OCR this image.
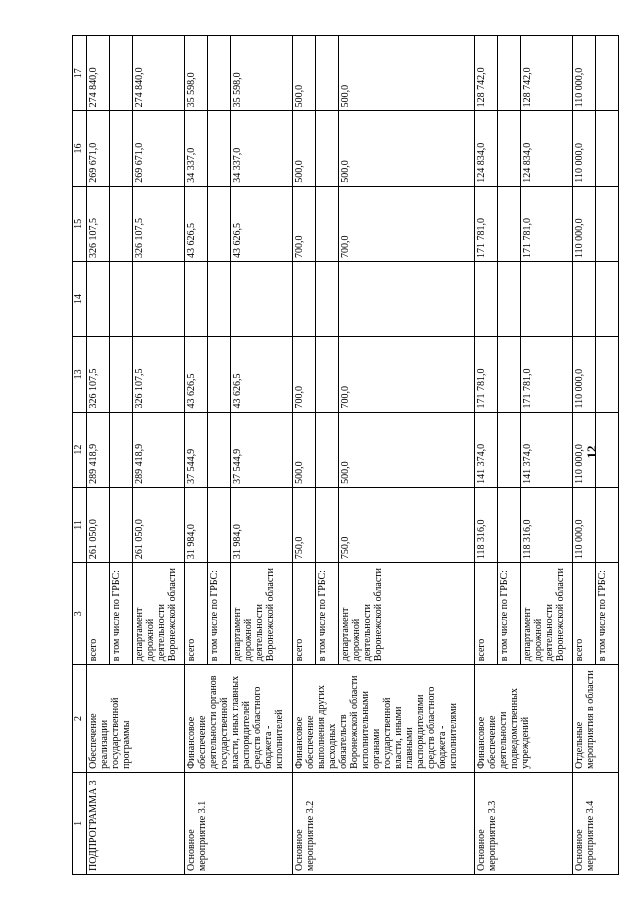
12
1	2	3	11	12	13	14	15	16	17
ПОДПРОГРАММА 3	Обеспечение реализации государственной программы	всего	261 050,0	289 418,9	326 107,5		326 107,5	269 671,0	274 840,0
		в том числе по ГРБС:							
		департамент дорожной деятельности Воронежской области	261 050,0	289 418,9	326 107,5		326 107,5	269 671,0	274 840,0
Основное мероприятие 3.1	Финансовое обеспечение деятельности органов государственной власти, иных главных распорядителей средств областного бюджета - исполнителей	всего	31 984,0	37 544,9	43 626,5		43 626,5	34 337,0	35 598,0
		в том числе по ГРБС:							
		департамент дорожной деятельности Воронежской области	31 984,0	37 544,9	43 626,5		43 626,5	34 337,0	35 598,0
Основное мероприятие 3.2	Финансовое обеспечение выполнения других расходных обязательств Воронежской области исполнительными органами государственной власти, иными главными распорядителями средств областного бюджета - исполнителями	всего	750,0	500,0	700,0		700,0	500,0	500,0
		в том числе по ГРБС:							
		департамент дорожной деятельности Воронежской области	750,0	500,0	700,0		700,0	500,0	500,0
Основное мероприятие 3.3	Финансовое обеспечение деятельности подведомственных учреждений	всего	118 316,0	141 374,0	171 781,0		171 781,0	124 834,0	128 742,0
		в том числе по ГРБС:							
		департамент дорожной деятельности Воронежской области	118 316,0	141 374,0	171 781,0		171 781,0	124 834,0	128 742,0
Основное мероприятие 3.4	Отдельные мероприятия в области	всего	110 000,0	110 000,0	110 000,0		110 000,0	110 000,0	110 000,0
		в том числе по ГРБС:							
